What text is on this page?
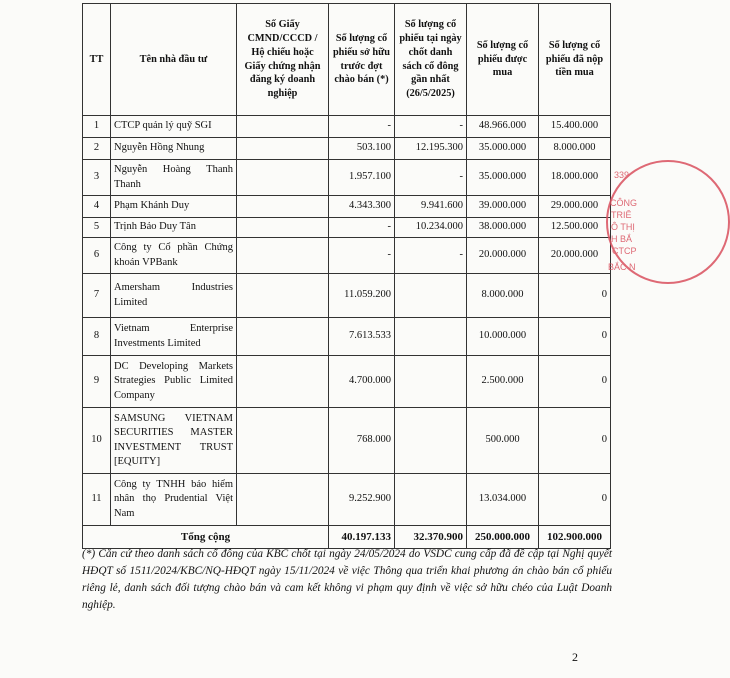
TT	Tên nhà đầu tư	Số Giấy CMND/CCCD / Hộ chiếu hoặc Giấy chứng nhận đăng ký doanh nghiệp	Số lượng cổ phiếu sở hữu trước đợt chào bán (*)	Số lượng cổ phiếu tại ngày chốt danh sách cổ đông gần nhất (26/5/2025)	Số lượng cổ phiếu được mua	Số lượng cổ phiếu đã nộp tiền mua
1	CTCP quản lý quỹ SGI		-	-	48.966.000	15.400.000
2	Nguyễn Hồng Nhung		503.100	12.195.300	35.000.000	8.000.000
3	Nguyễn Hoàng Thanh Thanh		1.957.100	-	35.000.000	18.000.000
4	Phạm Khánh Duy		4.343.300	9.941.600	39.000.000	29.000.000
5	Trịnh Bảo Duy Tân		-	10.234.000	38.000.000	12.500.000
6	Công ty Cổ phần Chứng khoán VPBank		-	-	20.000.000	20.000.000
7	Amersham Industries Limited		11.059.200		8.000.000	0
8	Vietnam Enterprise Investments Limited		7.613.533		10.000.000	0
9	DC Developing Markets Strategies Public Limited Company		4.700.000		2.500.000	0
10	SAMSUNG VIETNAM SECURITIES MASTER INVESTMENT TRUST [EQUITY]		768.000		500.000	0
11	Công ty TNHH bảo hiểm nhân thọ Prudential Việt Nam		9.252.900		13.034.000	0
Tổng cộng			40.197.133	32.370.900	250.000.000	102.900.000
(*) Căn cứ theo danh sách cổ đông của KBC chốt tại ngày 24/05/2024 do VSDC cung cấp đã đề cập tại Nghị quyết HĐQT số 1511/2024/KBC/NQ-HĐQT ngày 15/11/2024 về việc Thông qua triển khai phương án chào bán cổ phiếu riêng lẻ, danh sách đối tượng chào bán và cam kết không vi phạm quy định về việc sở hữu chéo của Luật Doanh nghiệp.
2
339
CÔNG
TRIÊ
Ô THỊ
H BẮ
CTCP
BẮC N
